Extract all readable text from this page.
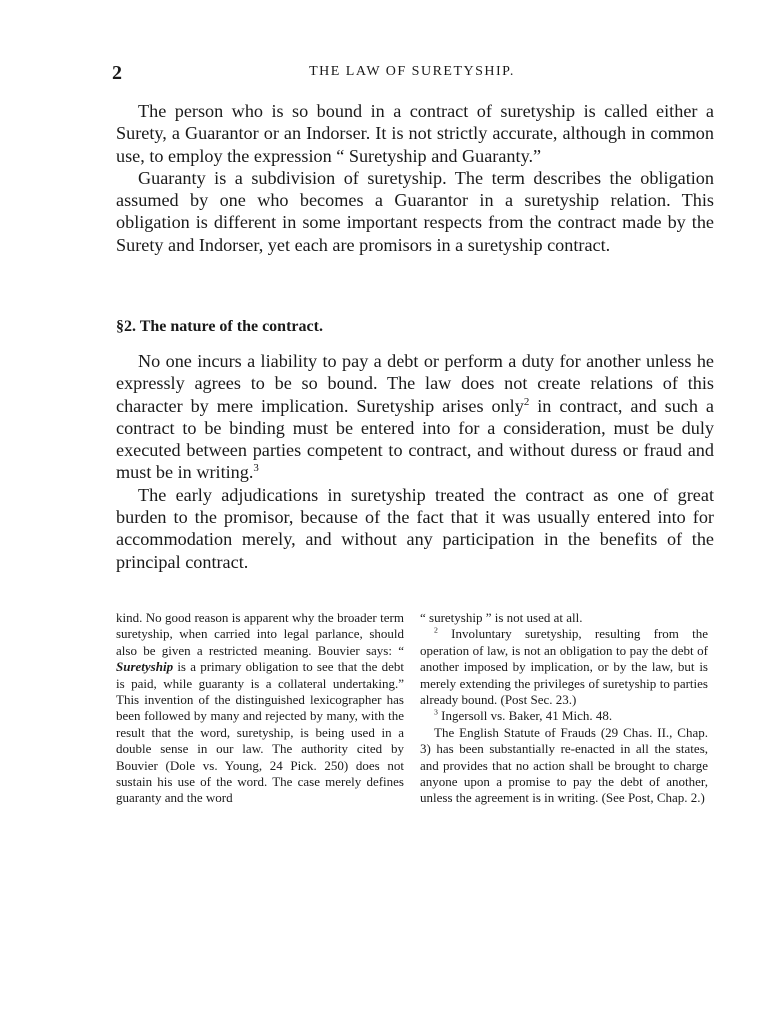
2	THE LAW OF SURETYSHIP.

The person who is so bound in a contract of suretyship is called either a Surety, a Guarantor or an Indorser. It is not strictly accurate, although in common use, to employ the expression “ Suretyship and Guaranty.”

Guaranty is a subdivision of suretyship. The term describes the obligation assumed by one who becomes a Guarantor in a suretyship relation. This obligation is different in some important respects from the contract made by the Surety and Indorser, yet each are promisors in a suretyship contract.

§2. The nature of the contract.

No one incurs a liability to pay a debt or perform a duty for another unless he expressly agrees to be so bound. The law does not create relations of this character by mere implication. Suretyship arises only$^2$ in contract, and such a contract to be binding must be entered into for a consideration, must be duly executed between parties competent to contract, and without duress or fraud and must be in writing.$^3$

The early adjudications in suretyship treated the contract as one of great burden to the promisor, because of the fact that it was usually entered into for accommodation merely, and without any participation in the benefits of the principal contract.

kind. No good reason is apparent why the broader term suretyship, when carried into legal parlance, should also be given a restricted meaning. Bouvier says: “ Suretyship is a primary obligation to see that the debt is paid, while guaranty is a collateral undertaking.” This invention of the distinguished lexicographer has been followed by many and rejected by many, with the result that the word, suretyship, is being used in a double sense in our law. The authority cited by Bouvier (Dole vs. Young, 24 Pick. 250) does not sustain his use of the word. The case merely defines guaranty and the word

“ suretyship ” is not used at all.

$^2$ Involuntary suretyship, resulting from the operation of law, is not an obligation to pay the debt of another imposed by implication, or by the law, but is merely extending the privileges of suretyship to parties already bound. (Post Sec. 23.)

$^3$ Ingersoll vs. Baker, 41 Mich. 48.

The English Statute of Frauds (29 Chas. II., Chap. 3) has been substantially re-enacted in all the states, and provides that no action shall be brought to charge anyone upon a promise to pay the debt of another, unless the agreement is in writing. (See Post, Chap. 2.)
